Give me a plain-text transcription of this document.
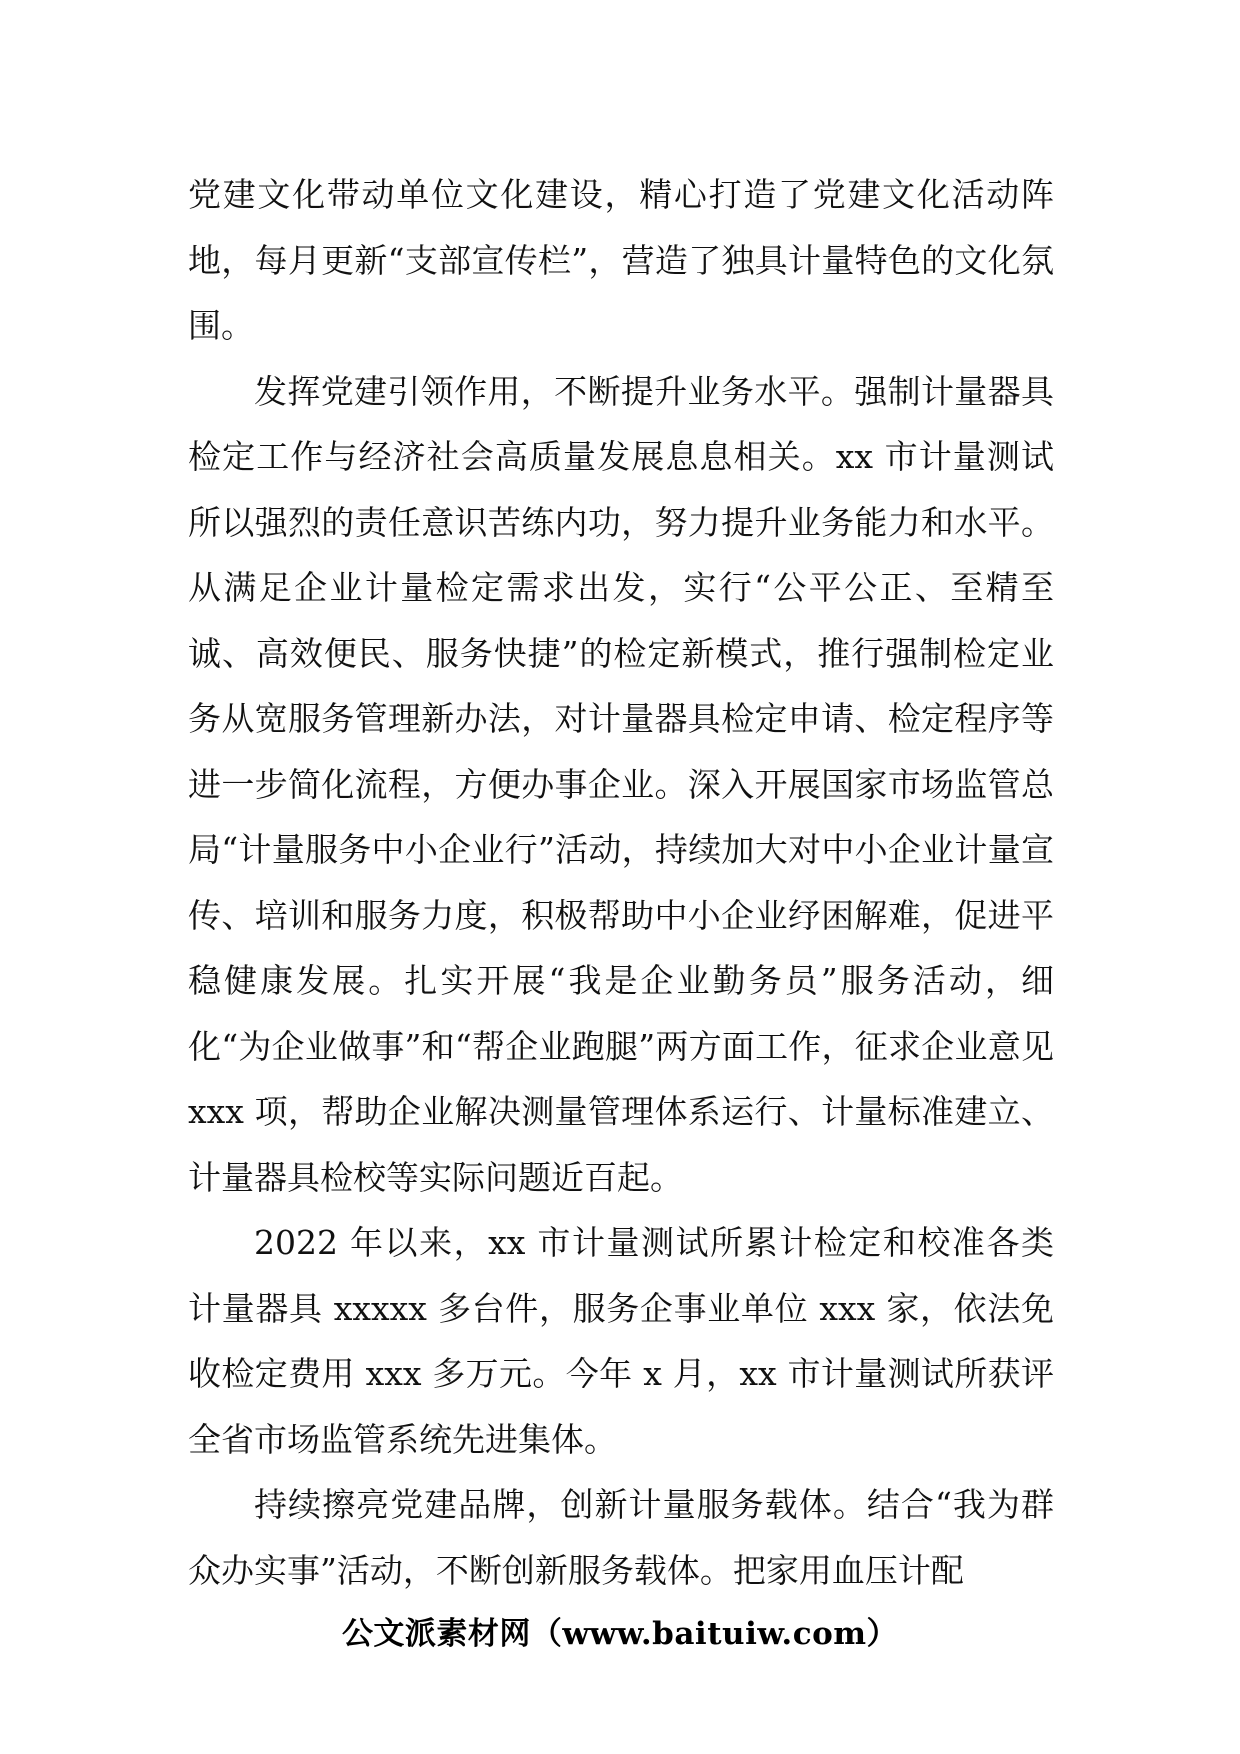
党建文化带动单位文化建设，精心打造了党建文化活动阵地，每月更新“支部宣传栏”，营造了独具计量特色的文化氛围。

发挥党建引领作用，不断提升业务水平。强制计量器具检定工作与经济社会高质量发展息息相关。xx 市计量测试所以强烈的责任意识苦练内功，努力提升业务能力和水平。从满足企业计量检定需求出发，实行“公平公正、至精至诚、高效便民、服务快捷”的检定新模式，推行强制检定业务从宽服务管理新办法，对计量器具检定申请、检定程序等进一步简化流程，方便办事企业。深入开展国家市场监管总局“计量服务中小企业行”活动，持续加大对中小企业计量宣传、培训和服务力度，积极帮助中小企业纾困解难，促进平稳健康发展。扎实开展“我是企业勤务员”服务活动，细化“为企业做事”和“帮企业跑腿”两方面工作，征求企业意见 xxx 项，帮助企业解决测量管理体系运行、计量标准建立、计量器具检校等实际问题近百起。

2022 年以来，xx 市计量测试所累计检定和校准各类计量器具 xxxxx 多台件，服务企事业单位 xxx 家，依法免收检定费用 xxx 多万元。今年 x 月，xx 市计量测试所获评全省市场监管系统先进集体。

持续擦亮党建品牌，创新计量服务载体。结合“我为群众办实事”活动，不断创新服务载体。把家用血压计配

公文派素材网（www.baituiw.com）
